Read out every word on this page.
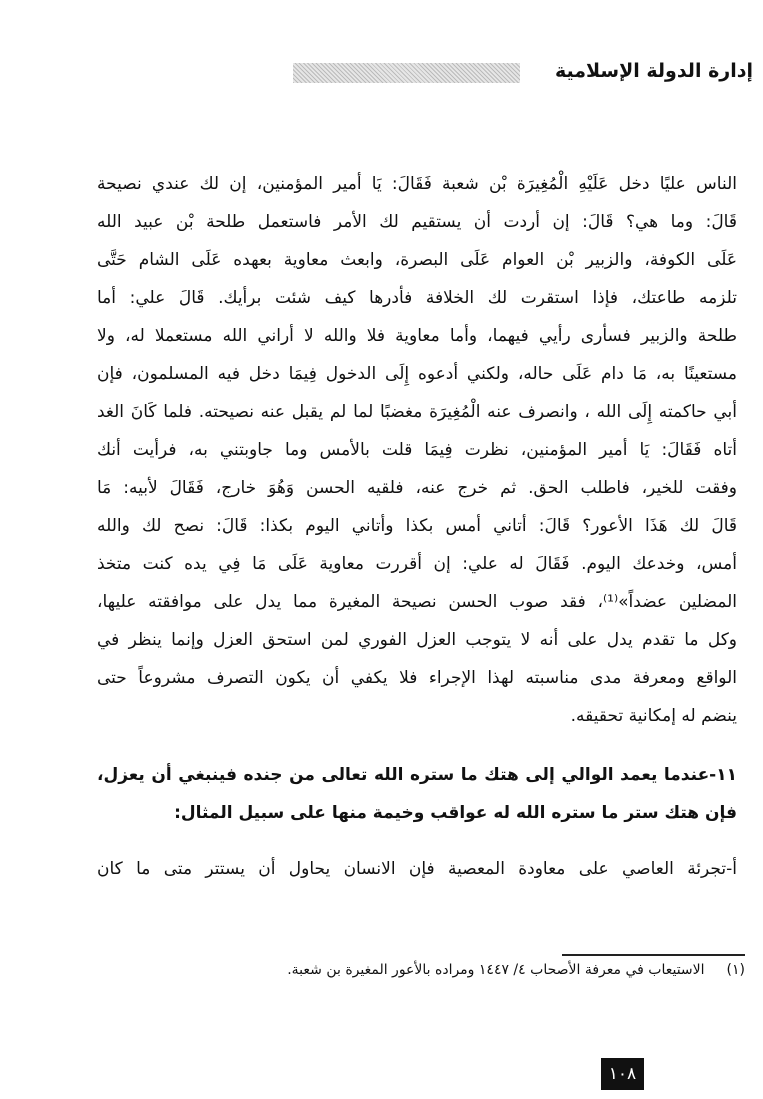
إدارة الدولة الإسلامية
الناس عليًا دخل عَلَيْهِ الْمُغِيرَة بْن شعبة فَقَالَ: يَا أمير المؤمنين، إن لك عندي نصيحة
قَالَ: وما هي؟ قَالَ: إن أردت أن يستقيم لك الأمر فاستعمل طلحة بْن عبيد الله
عَلَى الكوفة، والزبير بْن العوام عَلَى البصرة، وابعث معاوية بعهده عَلَى الشام حَتَّى
تلزمه طاعتك، فإذا استقرت لك الخلافة فأدرها كيف شئت برأيك. قَالَ علي: أما
طلحة والزبير فسأرى رأيي فيهما، وأما معاوية فلا والله لا أراني الله مستعملا له، ولا
مستعينًا به، مَا دام عَلَى حاله، ولكني أدعوه إِلَى الدخول فِيمَا دخل فيه المسلمون، فإن
أبي حاكمته إِلَى الله ، وانصرف عنه الْمُغِيرَة مغضبًا لما لم يقبل عنه نصيحته. فلما كَانَ الغد
أتاه فَقَالَ: يَا أمير المؤمنين، نظرت فِيمَا قلت بالأمس وما جاوبتني به، فرأيت أنك
وفقت للخير، فاطلب الحق. ثم خرج عنه، فلقيه الحسن وَهُوَ خارج، فَقَالَ لأبيه: مَا
قَالَ لك هَذَا الأعور؟ قَالَ: أتاني أمس بكذا وأتاني اليوم بكذا: قَالَ: نصح لك والله
أمس، وخدعك اليوم. فَقَالَ له علي: إن أقررت معاوية عَلَى مَا فِي يده كنت متخذ
المضلين عضداً»⁽¹⁾، فقد صوب الحسن نصيحة المغيرة مما يدل على موافقته عليها،
وكل ما تقدم يدل على أنه لا يتوجب العزل الفوري لمن استحق العزل وإنما ينظر في
الواقع ومعرفة مدى مناسبته لهذا الإجراء فلا يكفي أن يكون التصرف مشروعاً حتى
ينضم له إمكانية تحقيقه.
١١-عندما يعمد الوالي إلى هتك ما ستره الله تعالى من جنده فينبغي أن يعزل،
فإن هتك ستر ما ستره الله له عواقب وخيمة منها على سبيل المثال:
أ-تجرئة العاصي على معاودة المعصية فإن الانسان يحاول أن يستتر متى ما كان
(١)الاستيعاب في معرفة الأصحاب ٤/ ١٤٤٧ ومراده بالأعور المغيرة بن شعبة.
١٠٨
